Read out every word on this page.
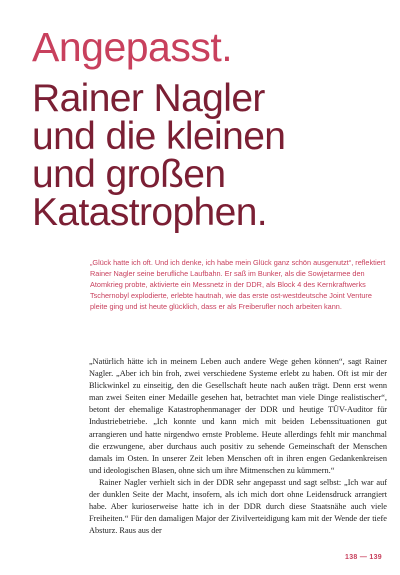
Angepasst.
Rainer Nagler
und die kleinen
und großen
Katastrophen.

„Glück hatte ich oft. Und ich denke, ich habe mein Glück ganz schön ausgenutzt“, reflektiert Rainer Nagler seine berufliche Laufbahn. Er saß im Bunker, als die Sowjetarmee den Atomkrieg probte, aktivierte ein Messnetz in der DDR, als Block 4 des Kernkraftwerks Tschernobyl explodierte, erlebte hautnah, wie das erste ost-westdeutsche Joint Venture pleite ging und ist heute glücklich, dass er als Freiberufler noch arbeiten kann.

„Natürlich hätte ich in meinem Leben auch andere Wege gehen können“, sagt Rainer Nagler. „Aber ich bin froh, zwei verschiedene Systeme erlebt zu haben. Oft ist mir der Blickwinkel zu einseitig, den die Gesellschaft heute nach außen trägt. Denn erst wenn man zwei Seiten einer Medaille gesehen hat, betrachtet man viele Dinge realistischer“, betont der ehemalige Katastrophenmanager der DDR und heutige TÜV-Auditor für Industriebetriebe. „Ich konnte und kann mich mit beiden Lebenssituationen gut arrangieren und hatte nirgendwo ernste Probleme. Heute allerdings fehlt mir manchmal die erzwungene, aber durchaus auch positiv zu sehende Gemeinschaft der Menschen damals im Osten. In unserer Zeit leben Menschen oft in ihren engen Gedankenkreisen und ideologischen Blasen, ohne sich um ihre Mitmenschen zu kümmern.“

Rainer Nagler verhielt sich in der DDR sehr angepasst und sagt selbst: „Ich war auf der dunklen Seite der Macht, insofern, als ich mich dort ohne Leidensdruck arrangiert habe. Aber kurioserweise hatte ich in der DDR durch diese Staatsnähe auch viele Freiheiten.“ Für den damaligen Major der Zivilverteidigung kam mit der Wende der tiefe Absturz. Raus aus der

138 — 139
